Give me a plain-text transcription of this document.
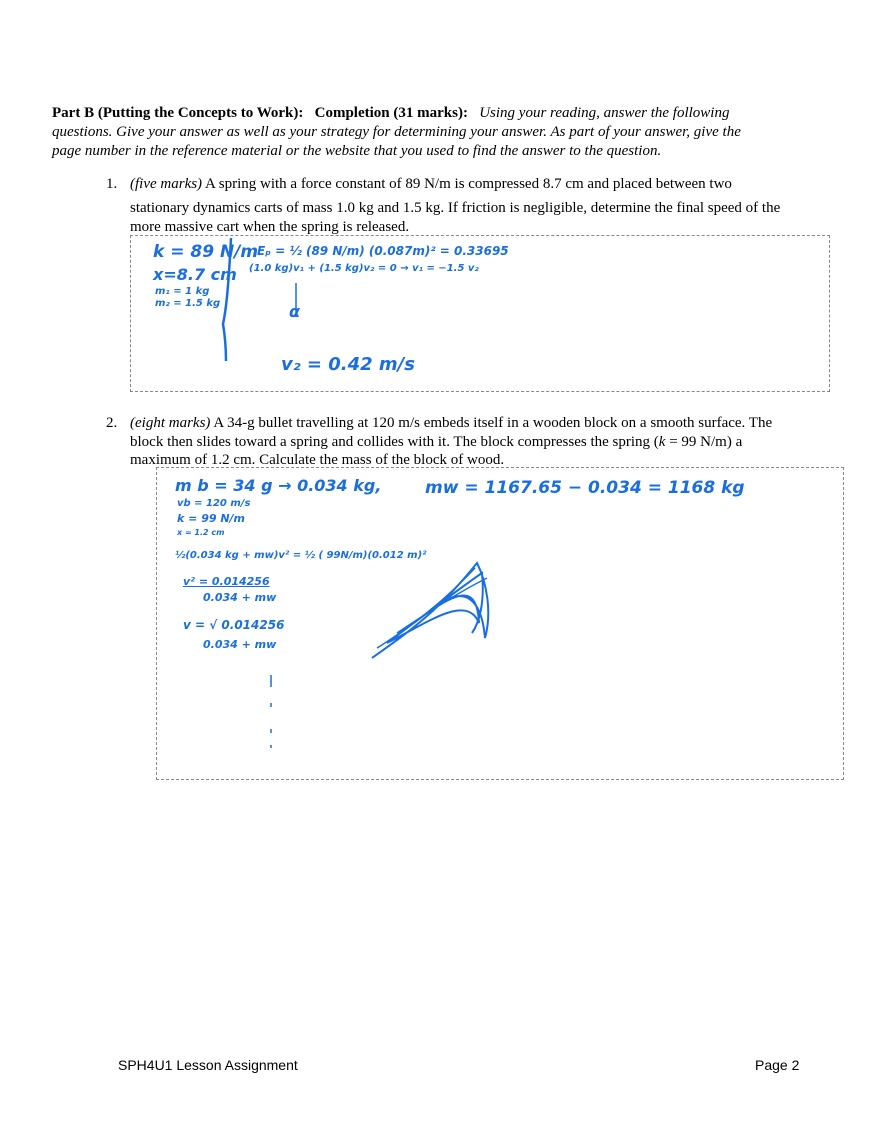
Part B (Putting the Concepts to Work): Completion (31 marks): Using your reading, answer the following
questions. Give your answer as well as your strategy for determining your answer. As part of your answer, give the
page number in the reference material or the website that you used to find the answer to the question.
1. (five marks) A spring with a force constant of 89 N/m is compressed 8.7 cm and placed between two
stationary dynamics carts of mass 1.0 kg and 1.5 kg. If friction is negligible, determine the final speed of the
more massive cart when the spring is released.
k = 89 N/m
x=8.7 cm
m₁ = 1 kg
m₂ = 1.5 kg
Eₚ = ½ (89 N/m) (0.087m)² = 0.33695
(1.0 kg)v₁ + (1.5 kg)v₂ = 0 → v₁ = −1.5 v₂
α
v₂ = 0.42 m/s
2. (eight marks) A 34-g bullet travelling at 120 m/s embeds itself in a wooden block on a smooth surface. The
block then slides toward a spring and collides with it. The block compresses the spring (k = 99 N/m) a
maximum of 1.2 cm. Calculate the mass of the block of wood.
m b = 34 g → 0.034 kg,
vb = 120 m/s
k = 99 N/m
x = 1.2 cm
½(0.034 kg + mw)v² = ½ ( 99N/m)(0.012 m)²
v² = 0.014256
0.034 + mw
v = √ 0.014256
0.034 + mw
mw = 1167.65 − 0.034 = 1168 kg
SPH4U1 Lesson Assignment	Page 2
